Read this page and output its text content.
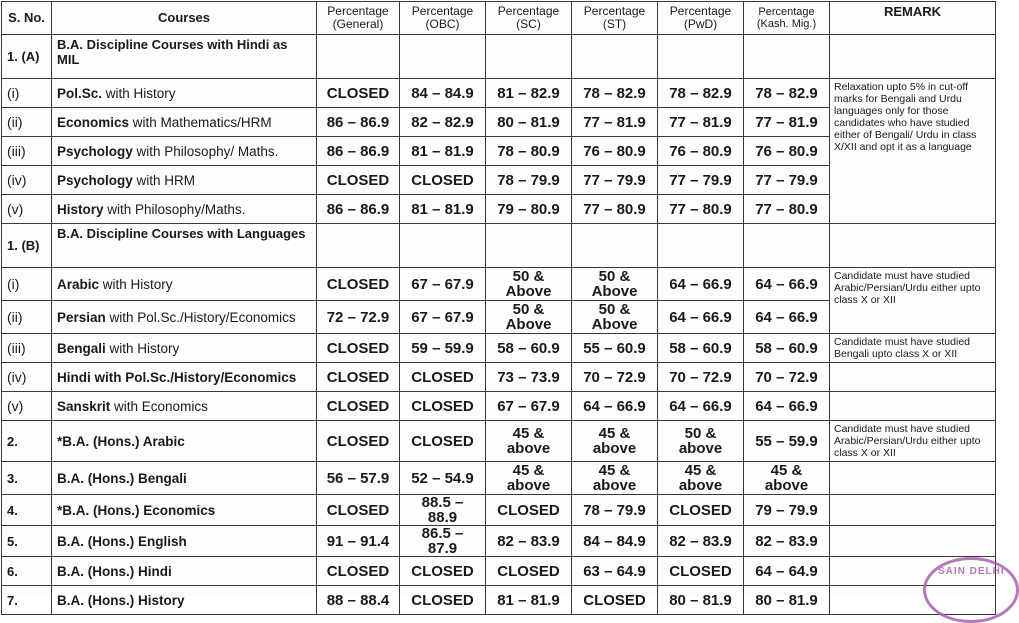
S. No.	Courses	Percentage (General)	Percentage (OBC)	Percentage (SC)	Percentage (ST)	Percentage (PwD)	Percentage (Kash. Mig.)	REMARK
1. (A)	B.A. Discipline Courses with Hindi as MIL							
(i)	Pol.Sc. with History	CLOSED	84 – 84.9	81 – 82.9	78 – 82.9	78 – 82.9	78 – 82.9	Relaxation upto 5% in cut-off marks for Bengali and Urdu languages only for those candidates who have studied either of Bengali/ Urdu in class X/XII and opt it as a language
(ii)	Economics with Mathematics/HRM	86 – 86.9	82 – 82.9	80 – 81.9	77 – 81.9	77 – 81.9	77 – 81.9	
(iii)	Psychology with Philosophy/ Maths.	86 – 86.9	81 – 81.9	78 – 80.9	76 – 80.9	76 – 80.9	76 – 80.9	
(iv)	Psychology with HRM	CLOSED	CLOSED	78 – 79.9	77 – 79.9	77 – 79.9	77 – 79.9	
(v)	History with Philosophy/Maths.	86 – 86.9	81 – 81.9	79 – 80.9	77 – 80.9	77 – 80.9	77 – 80.9	
1. (B)	B.A. Discipline Courses with Languages							
(i)	Arabic with History	CLOSED	67 – 67.9	50 & Above	50 & Above	64 – 66.9	64 – 66.9	Candidate must have studied Arabic/Persian/Urdu either upto class X or XII
(ii)	Persian with Pol.Sc./History/Economics	72 – 72.9	67 – 67.9	50 & Above	50 & Above	64 – 66.9	64 – 66.9	
(iii)	Bengali with History	CLOSED	59 – 59.9	58 – 60.9	55 – 60.9	58 – 60.9	58 – 60.9	Candidate must have studied Bengali upto class X or XII
(iv)	Hindi with Pol.Sc./History/Economics	CLOSED	CLOSED	73 – 73.9	70 – 72.9	70 – 72.9	70 – 72.9	
(v)	Sanskrit with Economics	CLOSED	CLOSED	67 – 67.9	64 – 66.9	64 – 66.9	64 – 66.9	
2.	*B.A. (Hons.) Arabic	CLOSED	CLOSED	45 & above	45 & above	50 & above	55 – 59.9	Candidate must have studied Arabic/Persian/Urdu either upto class X or XII
3.	B.A. (Hons.) Bengali	56 – 57.9	52 – 54.9	45 & above	45 & above	45 & above	45 & above	
4.	*B.A. (Hons.) Economics	CLOSED	88.5 – 88.9	CLOSED	78 – 79.9	CLOSED	79 – 79.9	
5.	B.A. (Hons.) English	91 – 91.4	86.5 – 87.9	82 – 83.9	84 – 84.9	82 – 83.9	82 – 83.9	
6.	B.A. (Hons.) Hindi	CLOSED	CLOSED	CLOSED	63 – 64.9	CLOSED	64 – 64.9	
7.	B.A. (Hons.) History	88 – 88.4	CLOSED	81 – 81.9	CLOSED	80 – 81.9	80 – 81.9	
SAIN DELHI
